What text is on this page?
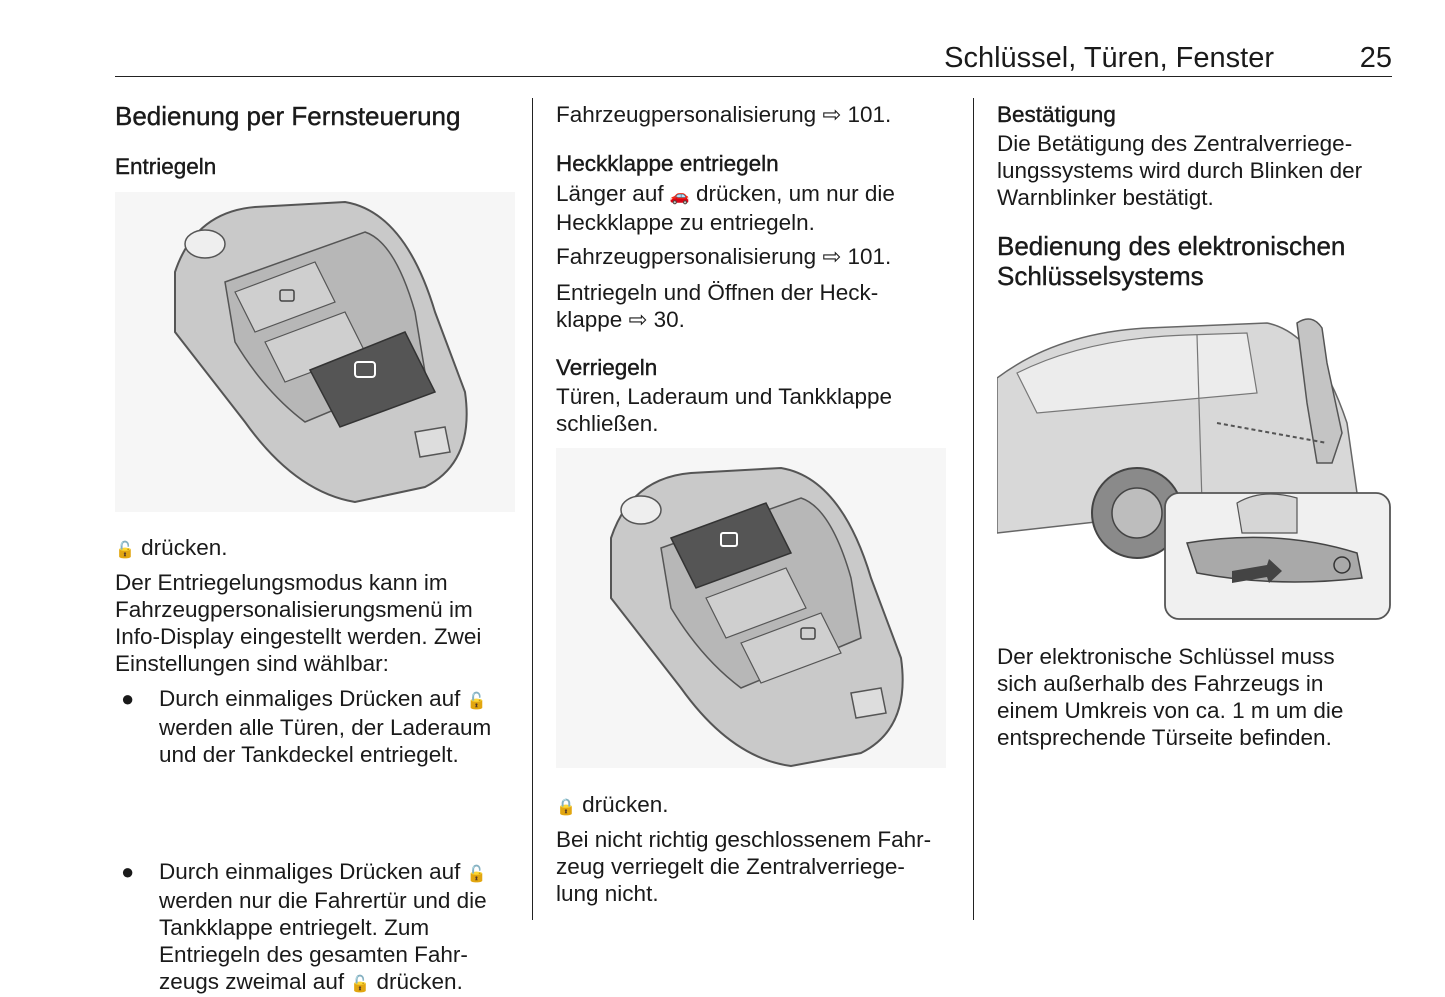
Schlüssel, Türen, Fenster	25
Bedienung per Fernsteuerung
Entriegeln

🔓 drücken.

Der Entriegelungsmodus kann im

Fahrzeugpersonalisierungsmenü im

Info-Display eingestellt werden. Zwei

Einstellungen sind wählbar:

● Durch einmaliges Drücken auf 🔓

werden alle Türen, der Laderaum

und der Tankdeckel entriegelt.

● Durch einmaliges Drücken auf 🔓

werden nur die Fahrertür und die

Tankklappe entriegelt. Zum

Entriegeln des gesamten Fahr-

zeugs zweimal auf 🔓 drücken.

Fahrzeugpersonalisierung ⇨ 101.

Heckklappe entriegeln

Länger auf 🚗 drücken, um nur die

Heckklappe zu entriegeln.

Fahrzeugpersonalisierung ⇨ 101.

Entriegeln und Öffnen der Heck-

klappe ⇨ 30.

Verriegeln

Türen, Laderaum und Tankklappe

schließen.

🔒 drücken.

Bei nicht richtig geschlossenem Fahr-

zeug verriegelt die Zentralverriege-

lung nicht.

Bestätigung

Die Betätigung des Zentralverriege-

lungssystems wird durch Blinken der

Warnblinker bestätigt.

Bedienung des elektronischen
Schlüsselsystems

Der elektronische Schlüssel muss

sich außerhalb des Fahrzeugs in

einem Umkreis von ca. 1 m um die

entsprechende Türseite befinden.
